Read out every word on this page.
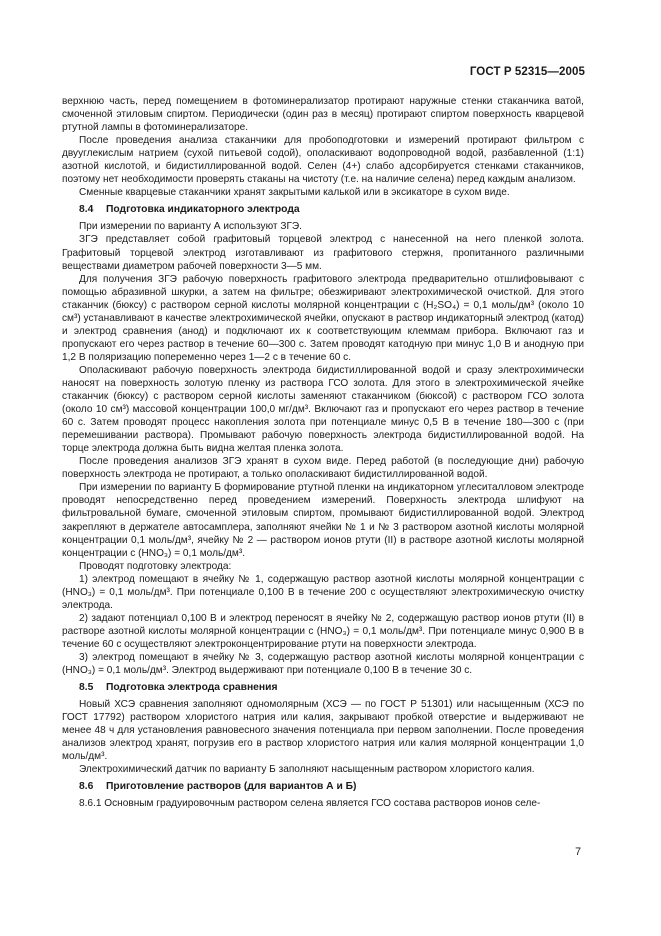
ГОСТ Р 52315—2005

верхнюю часть, перед помещением в фотоминерализатор протирают наружные стенки стаканчика ватой, смоченной этиловым спиртом. Периодически (один раз в месяц) протирают спиртом поверхность кварцевой ртутной лампы в фотоминерализаторе.

После проведения анализа стаканчики для пробоподготовки и измерений протирают фильтром с двууглекислым натрием (сухой питьевой содой), ополаскивают водопроводной водой, разбавленной (1:1) азотной кислотой, и бидистиллированной водой. Селен (4+) слабо адсорбируется стенками стаканчиков, поэтому нет необходимости проверять стаканы на чистоту (т.е. на наличие селена) перед каждым анализом.

Сменные кварцевые стаканчики хранят закрытыми калькой или в эксикаторе в сухом виде.

8.4 Подготовка индикаторного электрода

При измерении по варианту А используют ЗГЭ.

ЗГЭ представляет собой графитовый торцевой электрод с нанесенной на него пленкой золота. Графитовый торцевой электрод изготавливают из графитового стержня, пропитанного различными веществами диаметром рабочей поверхности 3—5 мм.

Для получения ЗГЭ рабочую поверхность графитового электрода предварительно отшлифовывают с помощью абразивной шкурки, а затем на фильтре; обезжиривают электрохимической очисткой. Для этого стаканчик (бюксу) с раствором серной кислоты молярной концентрации c (H₂SO₄) = 0,1 моль/дм³ (около 10 см³) устанавливают в качестве электрохимической ячейки, опускают в раствор индикаторный электрод (катод) и электрод сравнения (анод) и подключают их к соответствующим клеммам прибора. Включают газ и пропускают его через раствор в течение 60—300 с. Затем проводят катодную при минус 1,0 В и анодную при 1,2 В поляризацию попеременно через 1—2 с в течение 60 с.

Ополаскивают рабочую поверхность электрода бидистиллированной водой и сразу электрохимически наносят на поверхность золотую пленку из раствора ГСО золота. Для этого в электрохимической ячейке стаканчик (бюксу) с раствором серной кислоты заменяют стаканчиком (бюксой) с раствором ГСО золота (около 10 см³) массовой концентрации 100,0 мг/дм³. Включают газ и пропускают его через раствор в течение 60 с. Затем проводят процесс накопления золота при потенциале минус 0,5 В в течение 180—300 с (при перемешивании раствора). Промывают рабочую поверхность электрода бидистиллированной водой. На торце электрода должна быть видна желтая пленка золота.

После проведения анализов ЗГЭ хранят в сухом виде. Перед работой (в последующие дни) рабочую поверхность электрода не протирают, а только ополаскивают бидистиллированной водой.

При измерении по варианту Б формирование ртутной пленки на индикаторном углеситалловом электроде проводят непосредственно перед проведением измерений. Поверхность электрода шлифуют на фильтровальной бумаге, смоченной этиловым спиртом, промывают бидистиллированной водой. Электрод закрепляют в держателе автосамплера, заполняют ячейки № 1 и № 3 раствором азотной кислоты молярной концентрации 0,1 моль/дм³, ячейку № 2 — раствором ионов ртути (II) в растворе азотной кислоты молярной концентрации c (HNO₃) = 0,1 моль/дм³.

Проводят подготовку электрода:

1) электрод помещают в ячейку № 1, содержащую раствор азотной кислоты молярной концентрации c (HNO₃) = 0,1 моль/дм³. При потенциале 0,100 В в течение 200 с осуществляют электрохимическую очистку электрода.

2) задают потенциал 0,100 В и электрод переносят в ячейку № 2, содержащую раствор ионов ртути (II) в растворе азотной кислоты молярной концентрации c (HNO₃) = 0,1 моль/дм³. При потенциале минус 0,900 В в течение 60 с осуществляют электроконцентрирование ртути на поверхности электрода.

3) электрод помещают в ячейку № 3, содержащую раствор азотной кислоты молярной концентрации c (HNO₃) = 0,1 моль/дм³. Электрод выдерживают при потенциале 0,100 В в течение 30 с.

8.5 Подготовка электрода сравнения

Новый ХСЭ сравнения заполняют одномолярным (ХСЭ — по ГОСТ Р 51301) или насыщенным (ХСЭ по ГОСТ 17792) раствором хлористого натрия или калия, закрывают пробкой отверстие и выдерживают не менее 48 ч для установления равновесного значения потенциала при первом заполнении. После проведения анализов электрод хранят, погрузив его в раствор хлористого натрия или калия молярной концентрации 1,0 моль/дм³.

Электрохимический датчик по варианту Б заполняют насыщенным раствором хлористого калия.

8.6 Приготовление растворов (для вариантов А и Б)

8.6.1 Основным градуировочным раствором селена является ГСО состава растворов ионов селе-

7
